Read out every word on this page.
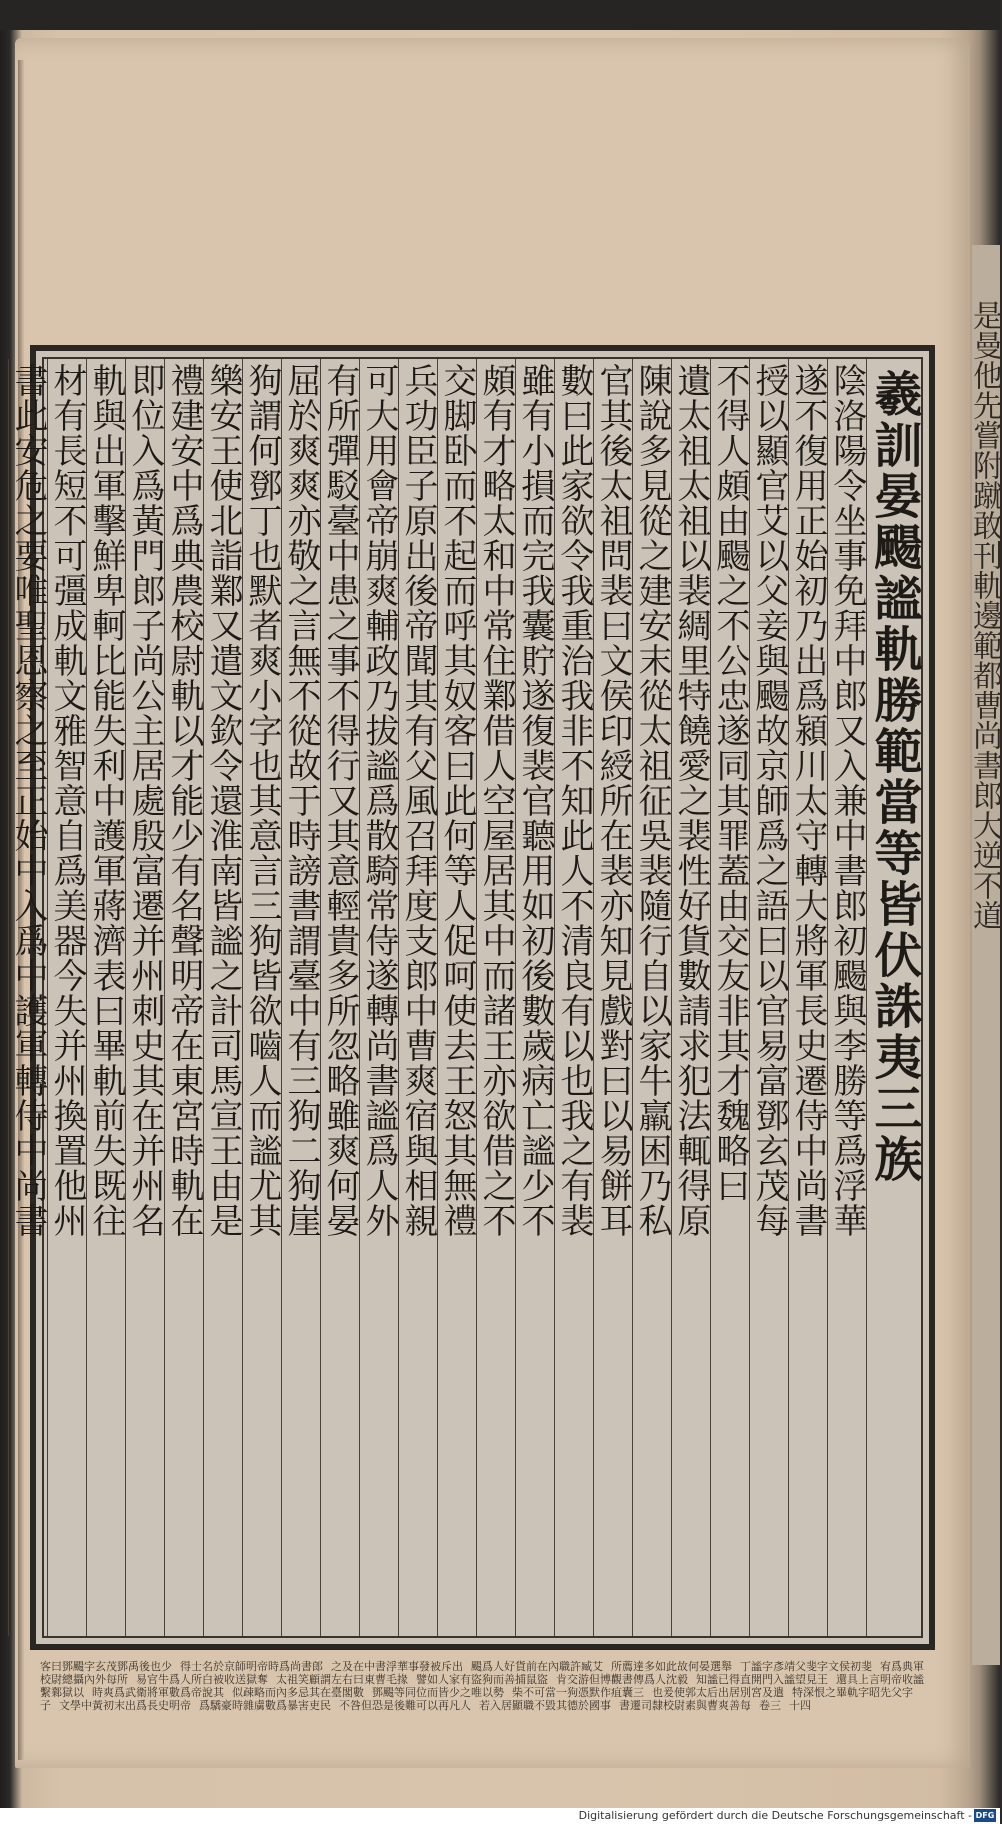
是曼他先嘗附蹴敢刊軌邊範都曹尚書郎大逆不道
羲訓晏颺謐軌勝範當等皆伏誅夷三族
陰洛陽令坐事免拜中郎又入兼中書郎初颺與李勝等爲浮華
遂不復用正始初乃出爲潁川太守轉大將軍長史遷侍中尚書
授以顯官艾以父妾與颺故京師爲之語曰以官易富鄧玄茂每
不得人頗由颺之不公忠遂同其罪蓋由交友非其才魏略曰
遺太祖太祖以裴綢里特饒愛之裴性好貨數請求犯法輒得原
陳說多見從之建安末從太祖征吳裴隨行自以家牛羸困乃私
官其後太祖問裴曰文侯印綬所在裴亦知見戲對曰以易餅耳
數曰此家欲令我重治我非不知此人不清良有以也我之有裴
雖有小損而完我囊貯遂復裴官聽用如初後數歲病亡謐少不
頗有才略太和中常住鄴借人空屋居其中而諸王亦欲借之不
交脚卧而不起而呼其奴客曰此何等人促呵使去王怒其無禮
兵功臣子原出後帝聞其有父風召拜度支郎中曹爽宿與相親
可大用會帝崩爽輔政乃拔謐爲散騎常侍遂轉尚書謐爲人外
有所彈駁臺中患之事不得行又其意輕貴多所忽略雖爽何晏
屈於爽爽亦敬之言無不從故于時謗書謂臺中有三狗二狗崖
狗謂何鄧丁也默者爽小字也其意言三狗皆欲嚙人而謐尤其
樂安王使北詣鄴又遣文欽令還淮南皆謐之計司馬宣王由是
禮建安中爲典農校尉軌以才能少有名聲明帝在東宮時軌在
即位入爲黃門郎子尚公主居處殷富遷并州刺史其在并州名
軌與出軍擊鮮卑軻比能失利中護軍蔣濟表曰畢軌前失既往
材有長短不可彊成軌文雅智意自爲美器今失并州換置他州
書此安危之要唯聖恩察之至正始中入爲中護軍轉侍中尚書
Digitalisierung gefördert durch die Deutsche Forschungsgemeinschaft - DFG
客曰鄧颺字玄茂鄧禹後也少 得士名於京師明帝時爲尚書郎 之及在中書浮華事發被斥出 颺爲人好貨前在內職許臧艾 所薦達多如此故何晏選舉 丁謐字彥靖父斐字文侯初斐 宥爲典軍校尉總攝內外每所 易官牛爲人所白被收送獄奪 太祖笑顧謂左右曰東曹毛掾 譬如人家有盜狗而善捕鼠盜 肯交游但博觀書傳爲人沈毅 知謐已得直開門入謐望見王 還具上言明帝收謐繫鄴獄以 時爽爲武衛將軍數爲帝說其 似疎略而內多忌其在臺閣數 鄧颺等同位而皆少之唯以勢 柴不可當一狗憑默作疽囊三 也爰使郭太后出居別宮及遣 特深恨之畢軌字昭先父字子 文學中黃初末出爲長史明帝 爲驕豪時雜虜數爲暴害吏民 不咎但恐是後難可以再凡人 若入居顯職不毀其德於國事 書遷司隸校尉素與曹爽善每 卷三 十四
